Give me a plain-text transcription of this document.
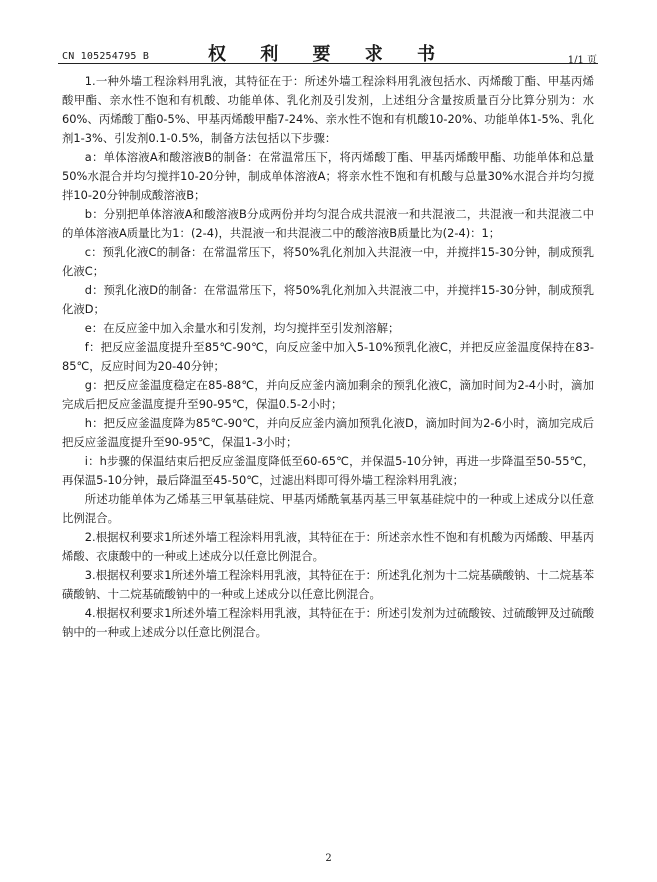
CN 105254795 B	权 利 要 求 书	1/1 页

1.一种外墙工程涂料用乳液，其特征在于：所述外墙工程涂料用乳液包括水、丙烯酸丁酯、甲基丙烯酸甲酯、亲水性不饱和有机酸、功能单体、乳化剂及引发剂，上述组分含量按质量百分比算分别为：水60%、丙烯酸丁酯0-5%、甲基丙烯酸甲酯7-24%、亲水性不饱和有机酸10-20%、功能单体1-5%、乳化剂1-3%、引发剂0.1-0.5%，制备方法包括以下步骤：

a：单体溶液A和酸溶液B的制备：在常温常压下，将丙烯酸丁酯、甲基丙烯酸甲酯、功能单体和总量50%水混合并均匀搅拌10-20分钟，制成单体溶液A；将亲水性不饱和有机酸与总量30%水混合并均匀搅拌10-20分钟制成酸溶液B；

b：分别把单体溶液A和酸溶液B分成两份并均匀混合成共混液一和共混液二，共混液一和共混液二中的单体溶液A质量比为1：(2-4)，共混液一和共混液二中的酸溶液B质量比为(2-4)：1；

c：预乳化液C的制备：在常温常压下，将50%乳化剂加入共混液一中，并搅拌15-30分钟，制成预乳化液C；

d：预乳化液D的制备：在常温常压下，将50%乳化剂加入共混液二中，并搅拌15-30分钟，制成预乳化液D；

e：在反应釜中加入余量水和引发剂，均匀搅拌至引发剂溶解；

f：把反应釜温度提升至85℃-90℃，向反应釜中加入5-10%预乳化液C，并把反应釜温度保持在83-85℃，反应时间为20-40分钟；

g：把反应釜温度稳定在85-88℃，并向反应釜内滴加剩余的预乳化液C，滴加时间为2-4小时，滴加完成后把反应釜温度提升至90-95℃，保温0.5-2小时；

h：把反应釜温度降为85℃-90℃，并向反应釜内滴加预乳化液D，滴加时间为2-6小时，滴加完成后把反应釜温度提升至90-95℃，保温1-3小时；

i：h步骤的保温结束后把反应釜温度降低至60-65℃，并保温5-10分钟，再进一步降温至50-55℃，再保温5-10分钟，最后降温至45-50℃，过滤出料即可得外墙工程涂料用乳液；

所述功能单体为乙烯基三甲氧基硅烷、甲基丙烯酰氧基丙基三甲氧基硅烷中的一种或上述成分以任意比例混合。

2.根据权利要求1所述外墙工程涂料用乳液，其特征在于：所述亲水性不饱和有机酸为丙烯酸、甲基丙烯酸、衣康酸中的一种或上述成分以任意比例混合。

3.根据权利要求1所述外墙工程涂料用乳液，其特征在于：所述乳化剂为十二烷基磺酸钠、十二烷基苯磺酸钠、十二烷基硫酸钠中的一种或上述成分以任意比例混合。

4.根据权利要求1所述外墙工程涂料用乳液，其特征在于：所述引发剂为过硫酸铵、过硫酸钾及过硫酸钠中的一种或上述成分以任意比例混合。

2
